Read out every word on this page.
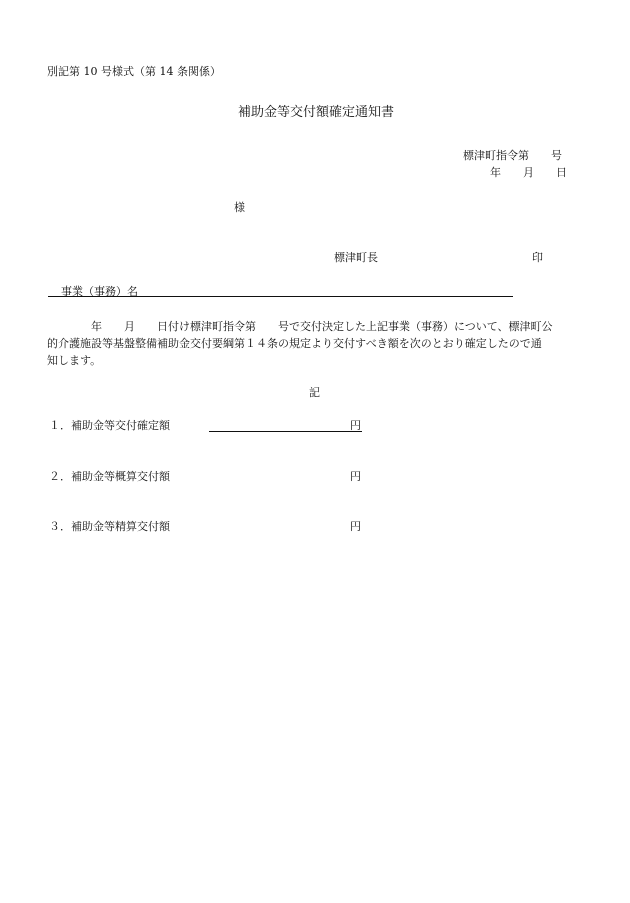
別記第 10 号様式（第 14 条関係）
補助金等交付額確定通知書
標津町指令第　　号
年　　月　　日
様
標津町長	印
事業（事務）名
　　　　年　　月　　日付け標津町指令第　　号で交付決定した上記事業（事務）について、標津町公
的介護施設等基盤整備補助金交付要綱第１４条の規定より交付すべき額を次のとおり確定したので通
知します。
記
１．補助金等交付確定額	円
２．補助金等概算交付額	円
３．補助金等精算交付額	円
